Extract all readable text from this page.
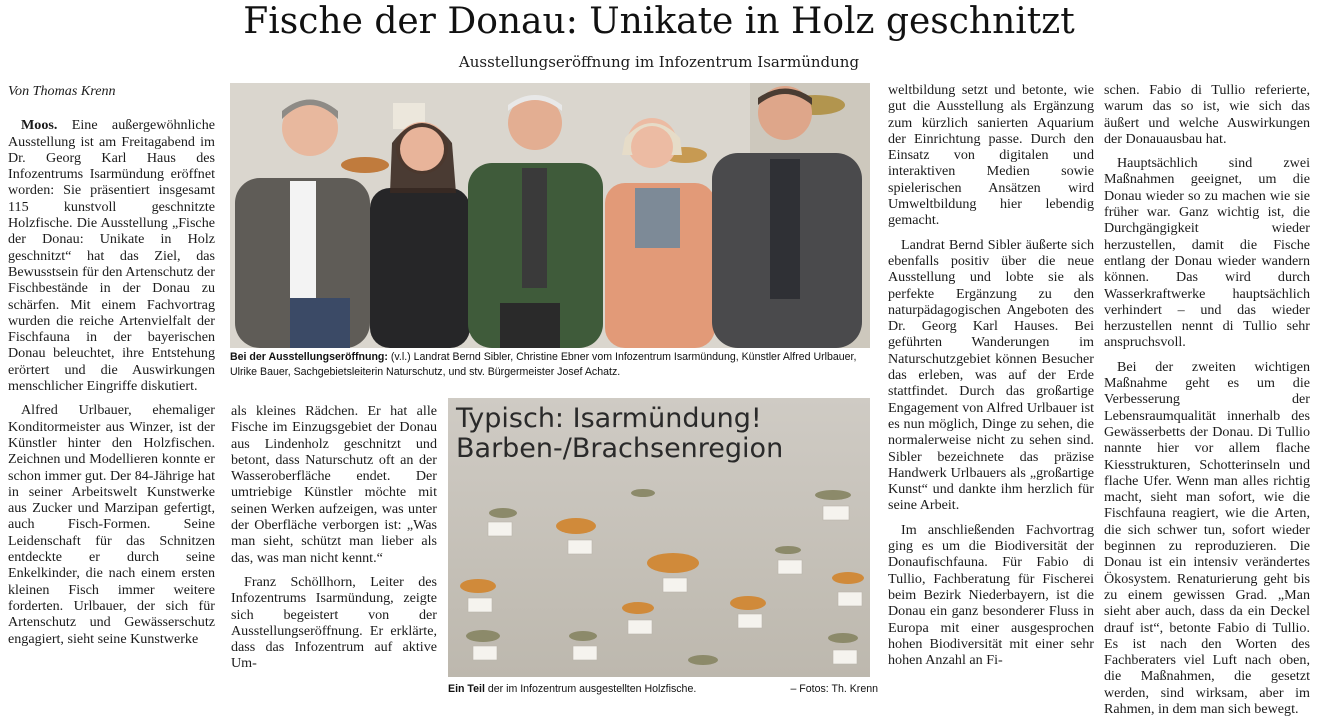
Fische der Donau: Unikate in Holz geschnitzt
Ausstellungseröffnung im Infozentrum Isarmündung

Von Thomas Krenn

Moos. Eine außergewöhnliche Ausstellung ist am Freitagabend im Dr. Georg Karl Haus des Infozentrums Isarmündung eröffnet worden: Sie präsentiert insgesamt 115 kunstvoll geschnitzte Holzfische. Die Ausstellung „Fische der Donau: Unikate in Holz geschnitzt“ hat das Ziel, das Bewusstsein für den Artenschutz der Fischbestände in der Donau zu schärfen. Mit einem Fachvortrag wurden die reiche Artenvielfalt der Fischfauna in der bayerischen Donau beleuchtet, ihre Entstehung erörtert und die Auswirkungen menschlicher Eingriffe diskutiert.

Alfred Urlbauer, ehemaliger Konditormeister aus Winzer, ist der Künstler hinter den Holzfischen. Zeichnen und Modellieren konnte er schon immer gut. Der 84-Jährige hat in seiner Arbeitswelt Kunstwerke aus Zucker und Marzipan gefertigt, auch Fisch-Formen. Seine Leidenschaft für das Schnitzen entdeckte er durch seine Enkelkinder, die nach einem ersten kleinen Fisch immer weitere forderten. Urlbauer, der sich für Artenschutz und Gewässerschutz engagiert, sieht seine Kunstwerke

Bei der Ausstellungseröffnung: (v.l.) Landrat Bernd Sibler, Christine Ebner vom Infozentrum Isarmündung, Künstler Alfred Urlbauer, Ulrike Bauer, Sachgebietsleiterin Naturschutz, und stv. Bürgermeister Josef Achatz.

als kleines Rädchen. Er hat alle Fische im Einzugsgebiet der Donau aus Lindenholz geschnitzt und betont, dass Naturschutz oft an der Wasseroberfläche endet. Der umtriebige Künstler möchte mit seinen Werken aufzeigen, was unter der Oberfläche verborgen ist: „Was man sieht, schützt man lieber als das, was man nicht kennt.“

Franz Schöllhorn, Leiter des Infozentrums Isarmündung, zeigte sich begeistert von der Ausstellungseröffnung. Er erklärte, dass das Infozentrum auf aktive Um-

Typisch: Isarmündung!
Barben-/Brachsenregion
Ein Teil der im Infozentrum ausgestellten Holzfische.	– Fotos: Th. Krenn

weltbildung setzt und betonte, wie gut die Ausstellung als Ergänzung zum kürzlich sanierten Aquarium der Einrichtung passe. Durch den Einsatz von digitalen und interaktiven Medien sowie spielerischen Ansätzen wird Umweltbildung hier lebendig gemacht.

Landrat Bernd Sibler äußerte sich ebenfalls positiv über die neue Ausstellung und lobte sie als perfekte Ergänzung zu den naturpädagogischen Angeboten des Dr. Georg Karl Hauses. Bei geführten Wanderungen im Naturschutzgebiet können Besucher das erleben, was auf der Erde stattfindet. Durch das großartige Engagement von Alfred Urlbauer ist es nun möglich, Dinge zu sehen, die normalerweise nicht zu sehen sind. Sibler bezeichnete das präzise Handwerk Urlbauers als „großartige Kunst“ und dankte ihm herzlich für seine Arbeit.

Im anschließenden Fachvortrag ging es um die Biodiversität der Donaufischfauna. Für Fabio di Tullio, Fachberatung für Fischerei beim Bezirk Niederbayern, ist die Donau ein ganz besonderer Fluss in Europa mit einer ausgesprochen hohen Biodiversität mit einer sehr hohen Anzahl an Fi-

schen. Fabio di Tullio referierte, warum das so ist, wie sich das äußert und welche Auswirkungen der Donauausbau hat.

Hauptsächlich sind zwei Maßnahmen geeignet, um die Donau wieder so zu machen wie sie früher war. Ganz wichtig ist, die Durchgängigkeit wieder herzustellen, damit die Fische entlang der Donau wieder wandern können. Das wird durch Wasserkraftwerke hauptsächlich verhindert – und das wieder herzustellen nennt di Tullio sehr anspruchsvoll.

Bei der zweiten wichtigen Maßnahme geht es um die Verbesserung der Lebensraumqualität innerhalb des Gewässerbetts der Donau. Di Tullio nannte hier vor allem flache Kiesstrukturen, Schotterinseln und flache Ufer. Wenn man alles richtig macht, sieht man sofort, wie die Fischfauna reagiert, wie die Arten, die sich schwer tun, sofort wieder beginnen zu reproduzieren. Die Donau ist ein intensiv verändertes Ökosystem. Renaturierung geht bis zu einem gewissen Grad. „Man sieht aber auch, dass da ein Deckel drauf ist“, betonte Fabio di Tullio. Es ist nach den Worten des Fachberaters viel Luft nach oben, die Maßnahmen, die gesetzt werden, sind wirksam, aber im Rahmen, in dem man sich bewegt.
